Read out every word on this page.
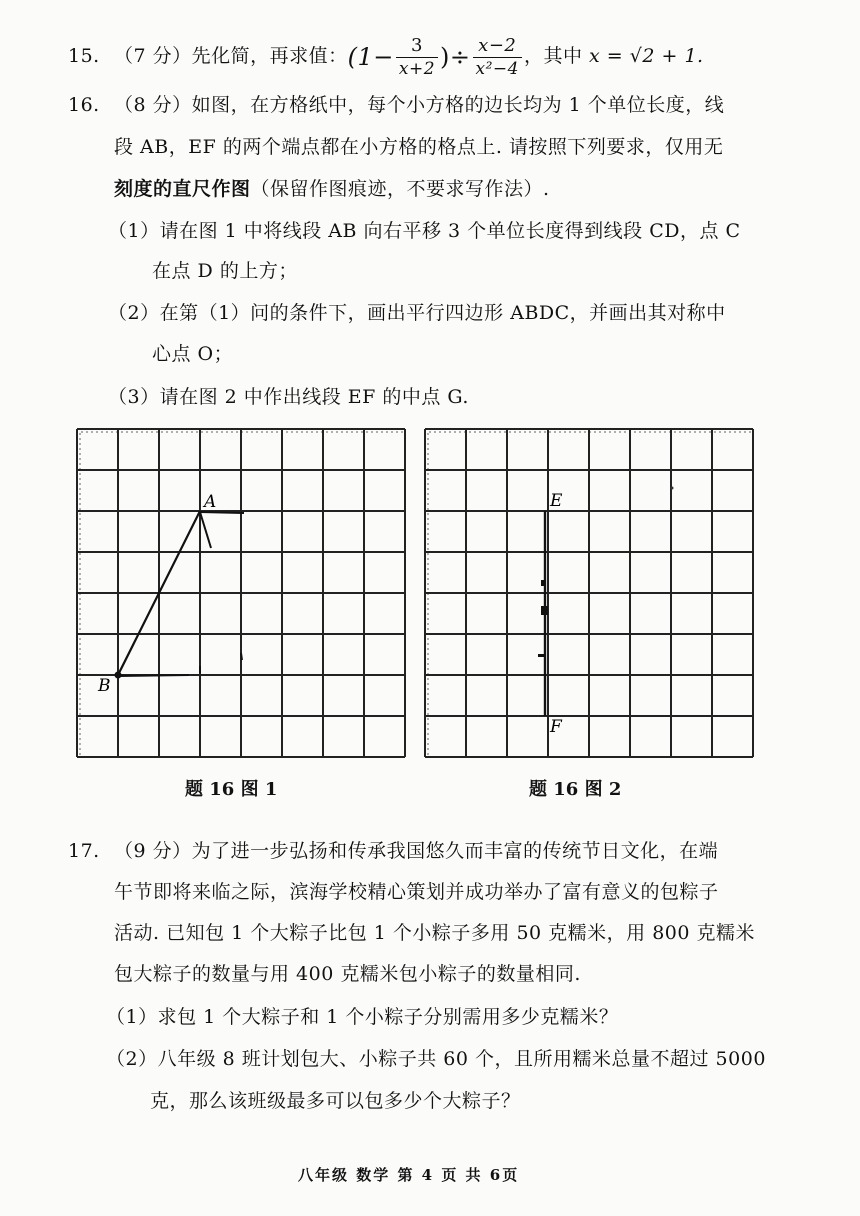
15. （7 分）先化简，再求值：($1- \frac{3}{x+2}$ )÷ $\frac{x-2}{\text{x²−4}}$ ，其中 x = √2 + 1.
16. （8 分）如图，在方格纸中，每个小方格的边长均为 1 个单位长度，线
段 AB，EF 的两个端点都在小方格的格点上. 请按照下列要求，仅用无
刻度的直尺作图（保留作图痕迹，不要求写作法）.
（1）请在图 1 中将线段 AB 向右平移 3 个单位长度得到线段 CD，点 C
在点 D 的上方；
（2）在第（1）问的条件下，画出平行四边形 ABDC，并画出其对称中
心点 O；
（3）请在图 2 中作出线段 EF 的中点 G.
A
B
题 16 图 1
E
F
题 16 图 2
17. （9 分）为了进一步弘扬和传承我国悠久而丰富的传统节日文化，在端
午节即将来临之际，滨海学校精心策划并成功举办了富有意义的包粽子
活动. 已知包 1 个大粽子比包 1 个小粽子多用 50 克糯米，用 800 克糯米
包大粽子的数量与用 400 克糯米包小粽子的数量相同.
（1）求包 1 个大粽子和 1 个小粽子分别需用多少克糯米？
（2）八年级 8 班计划包大、小粽子共 60 个，且所用糯米总量不超过 5000
克，那么该班级最多可以包多少个大粽子？
八年级 数学 第 4 页 共 6页
